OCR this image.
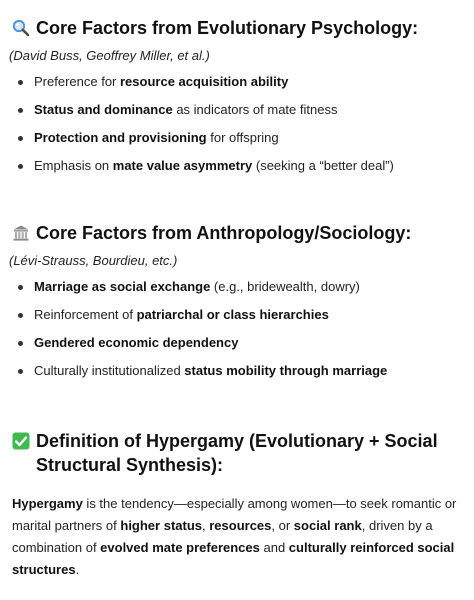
Core Factors from Evolutionary Psychology:
(David Buss, Geoffrey Miller, et al.)
Preference for resource acquisition ability
Status and dominance as indicators of mate fitness
Protection and provisioning for offspring
Emphasis on mate value asymmetry (seeking a “better deal”)
Core Factors from Anthropology/Sociology:
(Lévi-Strauss, Bourdieu, etc.)
Marriage as social exchange (e.g., bridewealth, dowry)
Reinforcement of patriarchal or class hierarchies
Gendered economic dependency
Culturally institutionalized status mobility through marriage
Definition of Hypergamy (Evolutionary + Social Structural Synthesis):

Hypergamy is the tendency—especially among women—to seek romantic or marital partners of higher status, resources, or social rank, driven by a combination of evolved mate preferences and culturally reinforced social structures.
